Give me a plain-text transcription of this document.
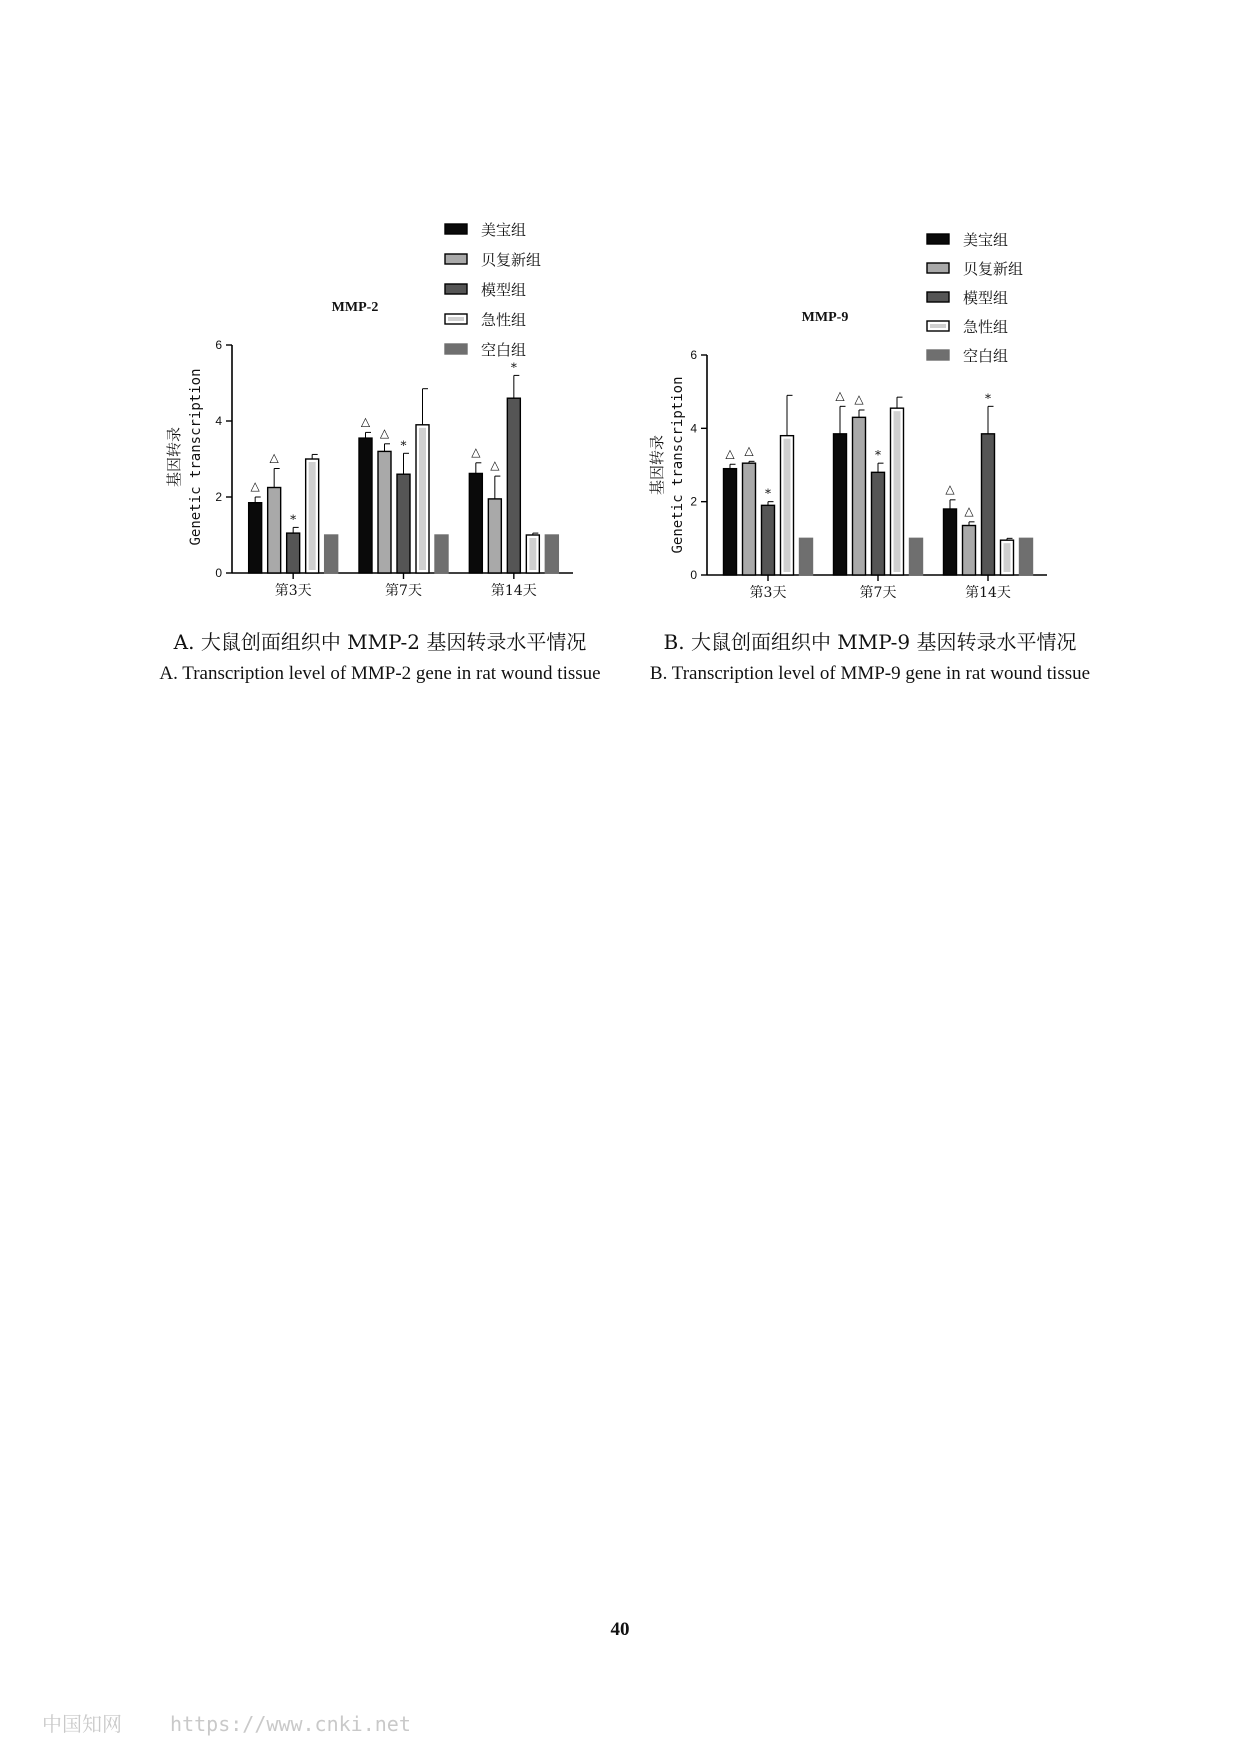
MMP-2
0
2
4
6
基因转录 Genetic transcription
第3天
△
△
*
第7天
△
△
*
第14天
△
△
*
美宝组
贝复新组
模型组
急性组
空白组
MMP-9
0
2
4
6
基因转录 Genetic transcription
第3天
△ △
*
第7天
△ △
*
第14天
△
△
*
美宝组
贝复新组
模型组
急性组
空白组
A. 大鼠创面组织中 MMP-2 基因转录水平情况
A. Transcription level of MMP-2 gene in rat wound tissue
B. 大鼠创面组织中 MMP-9 基因转录水平情况
B. Transcription level of MMP-9 gene in rat wound tissue
40
中国知网 https://www.cnki.net
